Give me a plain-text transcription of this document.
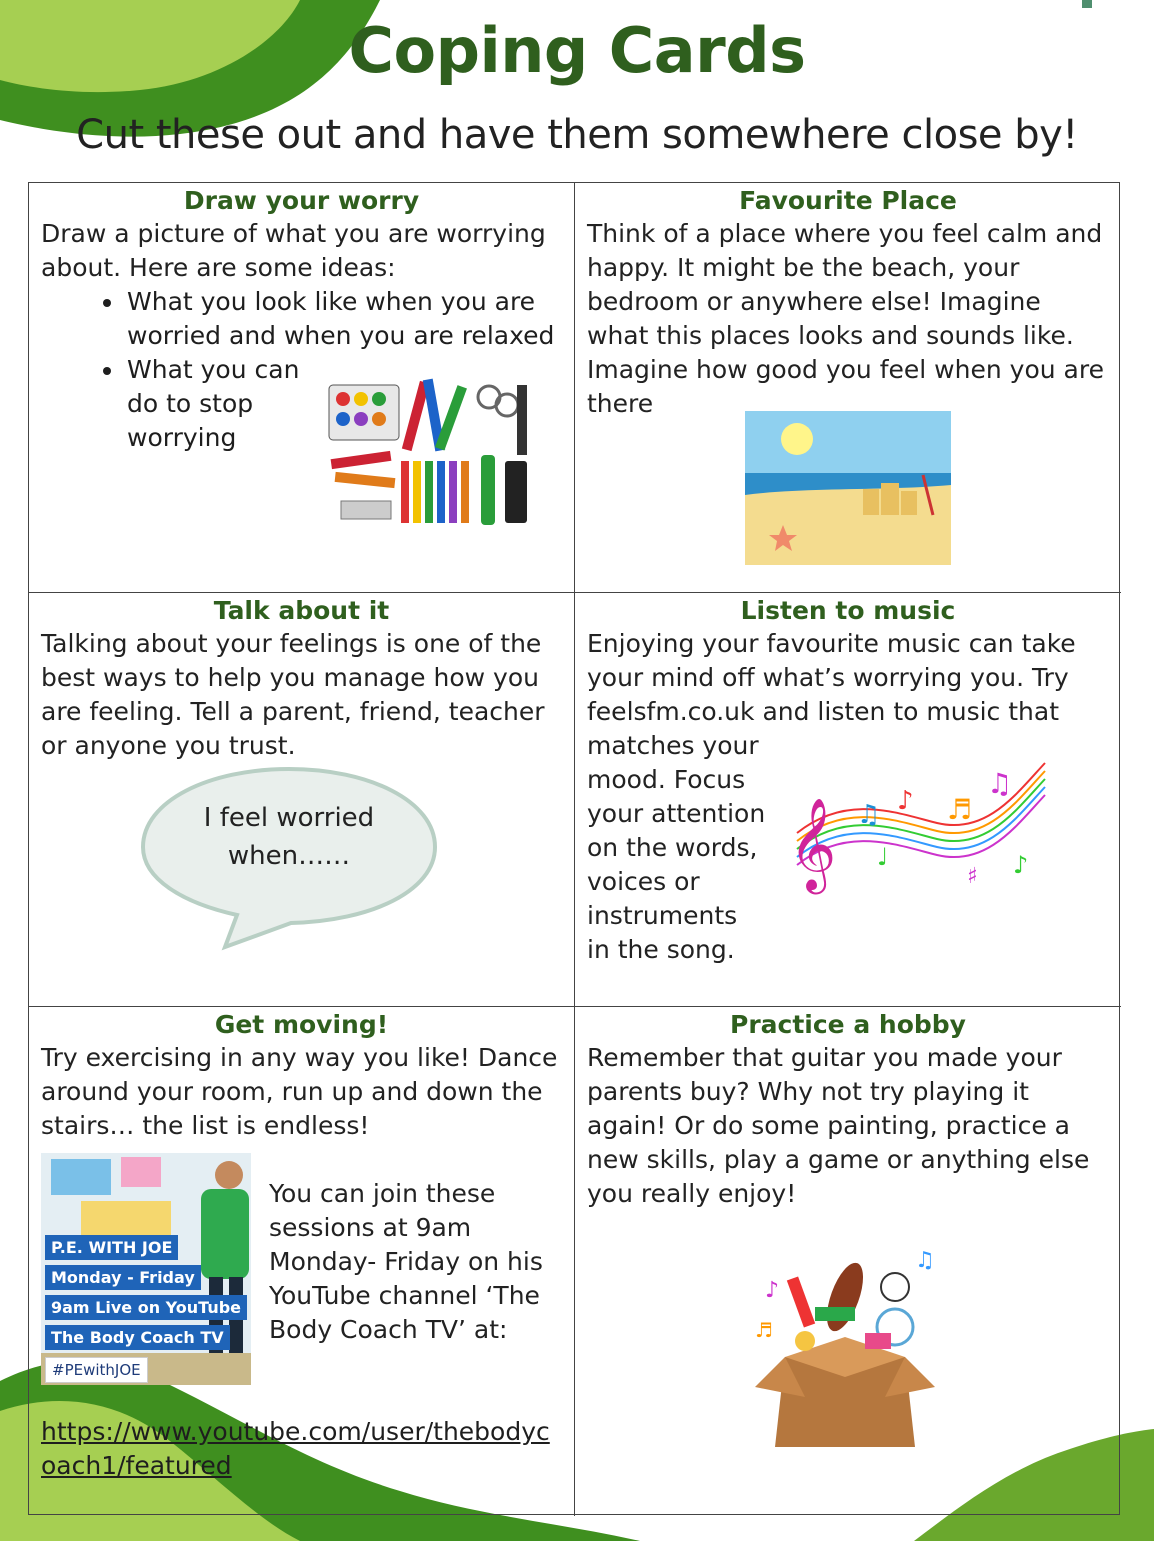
Coping Cards

Cut these out and have them somewhere close by!

Draw your worry
Draw a picture of what you are worrying about. Here are some ideas:
• What you look like when you are worried and when you are relaxed
• What you can do to stop worrying
Favourite Place
Think of a place where you feel calm and happy. It might be the beach, your bedroom or anywhere else! Imagine what this places looks and sounds like. Imagine how good you feel when you are there
Talk about it
Talking about your feelings is one of the best ways to help you manage how you are feeling. Tell a parent, friend, teacher or anyone you trust.
I feel worried
when……
Listen to music
Enjoying your favourite music can take your mind off what’s worrying you. Try feelsfm.co.uk and listen to music that
matches your mood. Focus your attention on the words, voices or instruments in the song.
𝄞 ♫ ♪ ♬
♫
♩
♯ ♪
Get moving!
Try exercising in any way you like! Dance around your room, run up and down the stairs… the list is endless!
P.E. WITH JOE
Monday - Friday
9am Live on YouTube
The Body Coach TV
#PEwithJOE
You can join these sessions at 9am Monday- Friday on his YouTube channel ‘The Body Coach TV’ at:
https://www.youtube.com/user/thebodycoach1/featured
Practice a hobby
Remember that guitar you made your parents buy? Why not try playing it again! Or do some painting, practice a new skills, play a game or anything else you really enjoy!
♪
♫
♬
